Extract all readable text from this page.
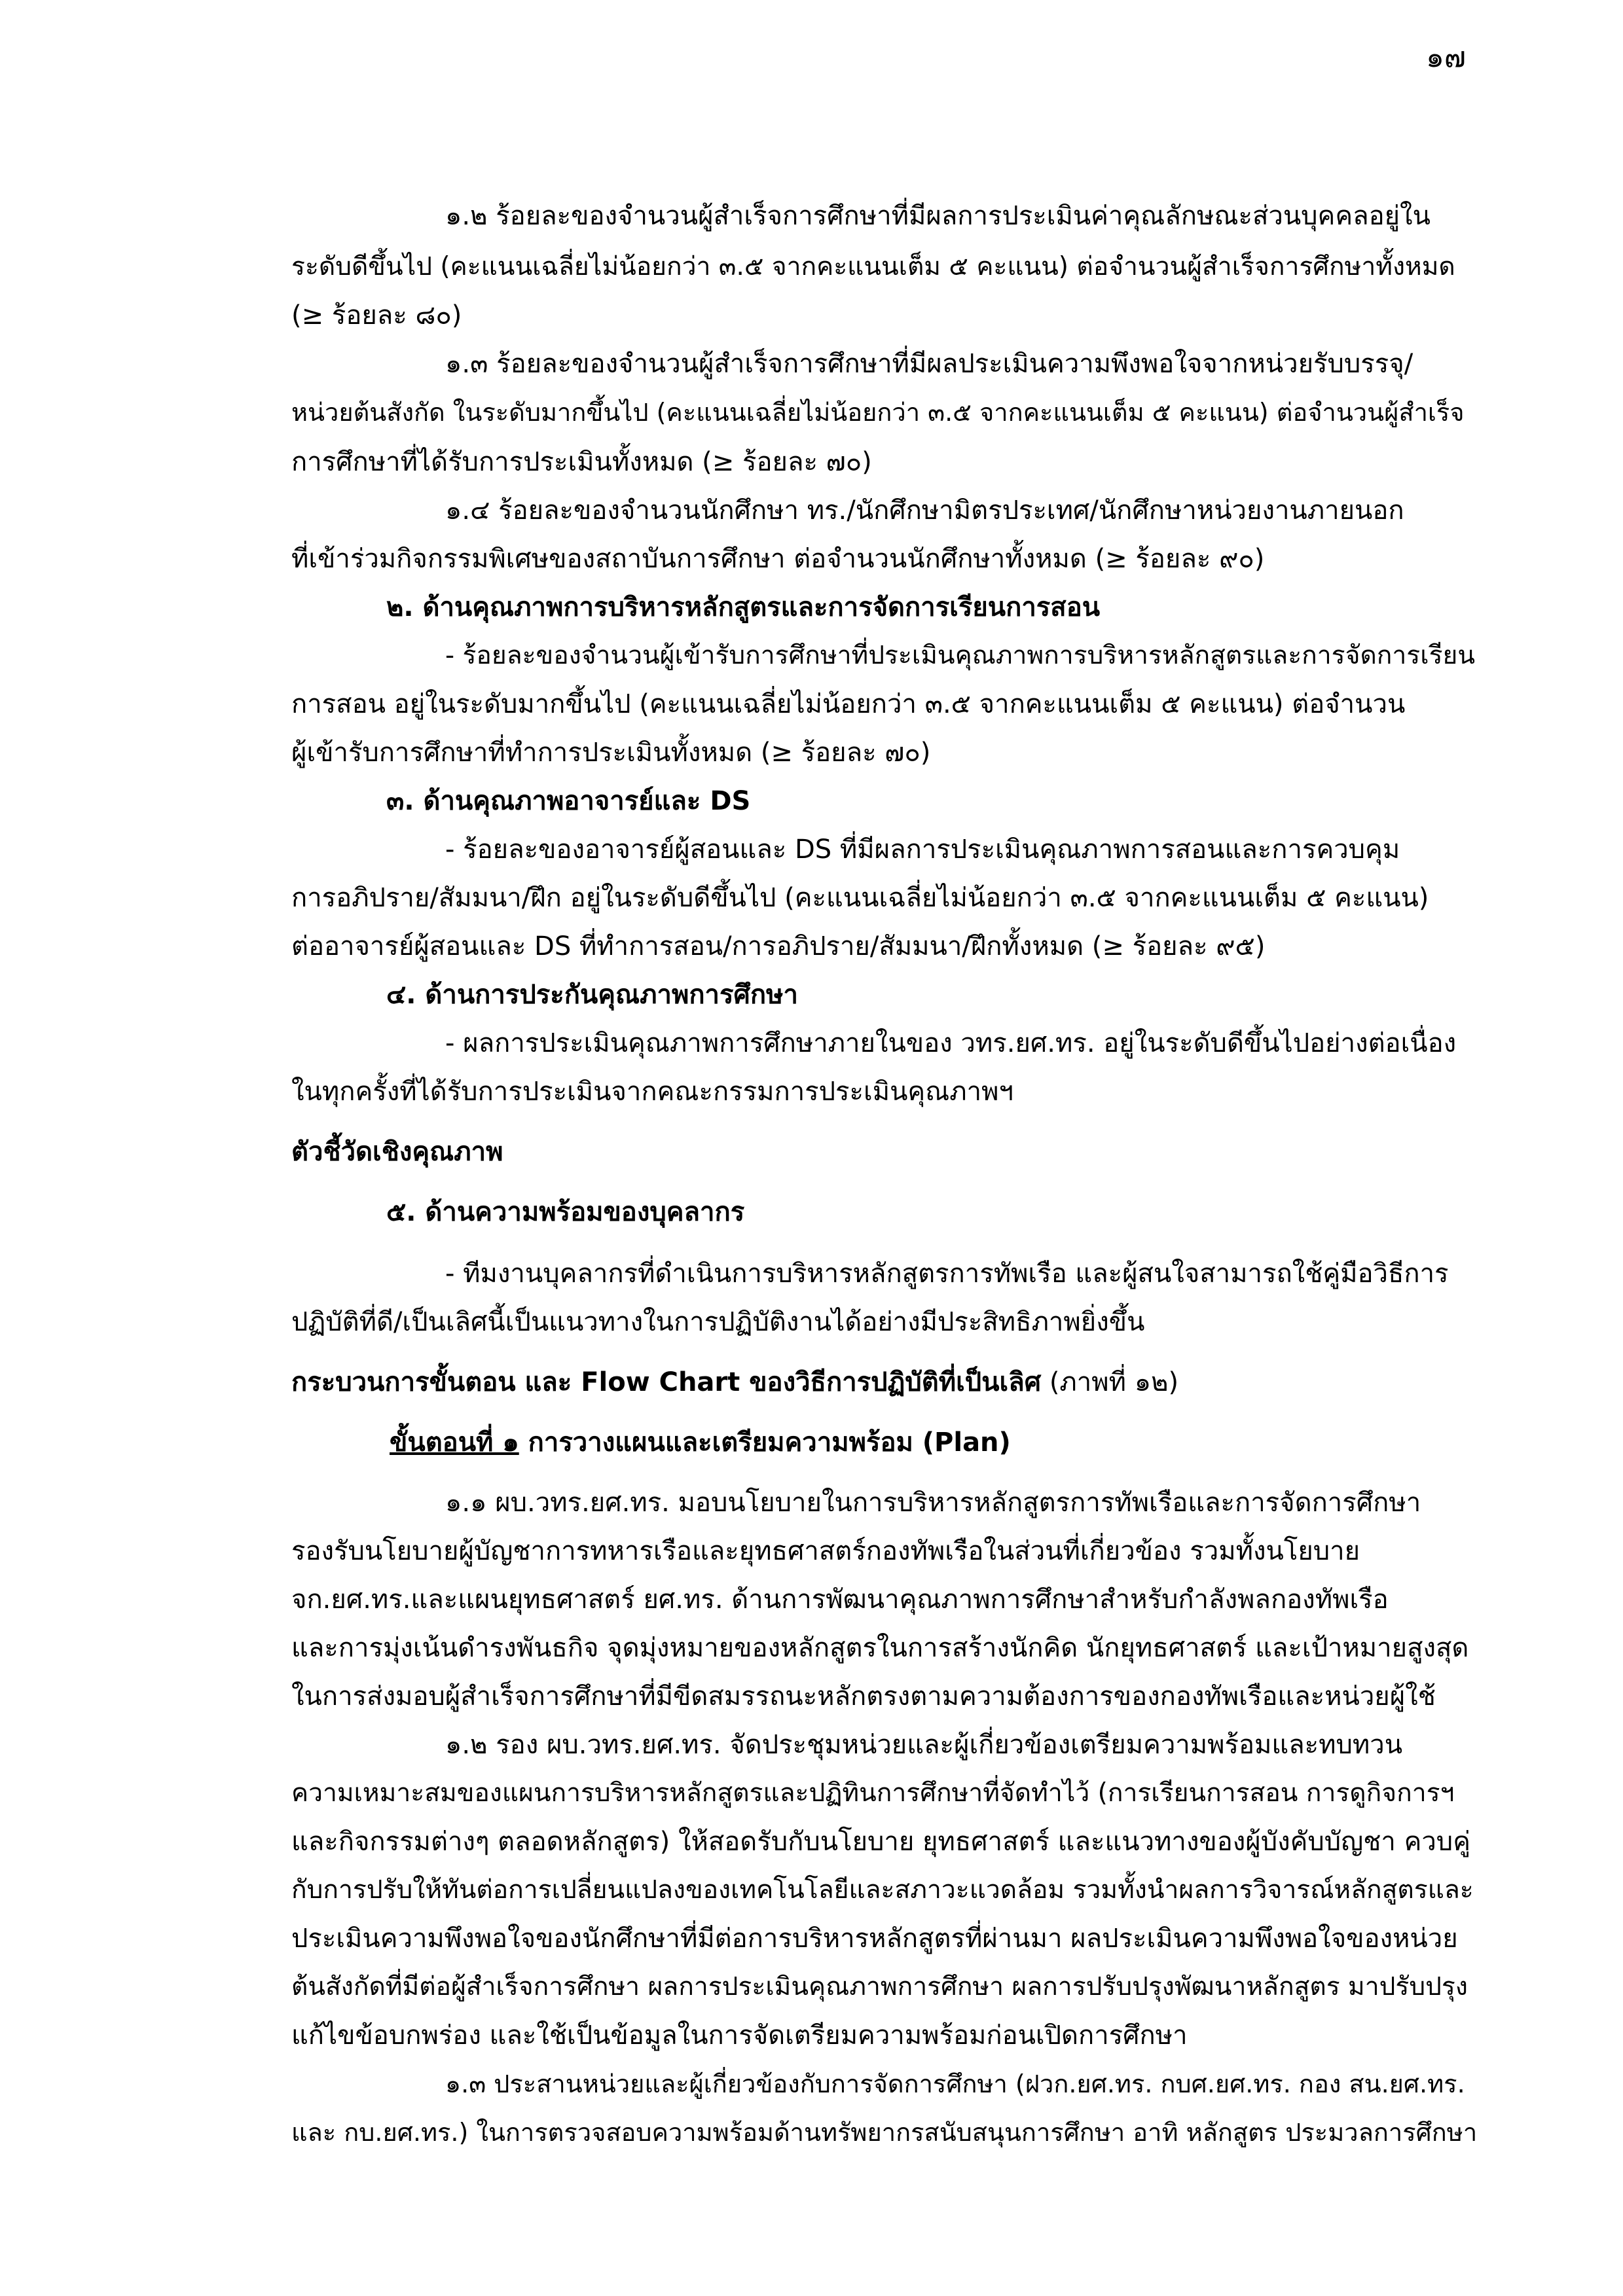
๑๗
๑.๒ ร้อยละของจำนวนผู้สำเร็จการศึกษาที่มีผลการประเมินค่าคุณลักษณะส่วนบุคคลอยู่ใน
ระดับดีขึ้นไป (คะแนนเฉลี่ยไม่น้อยกว่า ๓.๕ จากคะแนนเต็ม ๕ คะแนน) ต่อจำนวนผู้สำเร็จการศึกษาทั้งหมด
(≥ ร้อยละ ๘๐)
๑.๓ ร้อยละของจำนวนผู้สำเร็จการศึกษาที่มีผลประเมินความพึงพอใจจากหน่วยรับบรรจุ/
หน่วยต้นสังกัด ในระดับมากขึ้นไป (คะแนนเฉลี่ยไม่น้อยกว่า ๓.๕ จากคะแนนเต็ม ๕ คะแนน) ต่อจำนวนผู้สำเร็จ
การศึกษาที่ได้รับการประเมินทั้งหมด (≥ ร้อยละ ๗๐)
๑.๔ ร้อยละของจำนวนนักศึกษา ทร./นักศึกษามิตรประเทศ/นักศึกษาหน่วยงานภายนอก
ที่เข้าร่วมกิจกรรมพิเศษของสถาบันการศึกษา ต่อจำนวนนักศึกษาทั้งหมด (≥ ร้อยละ ๙๐)
๒. ด้านคุณภาพการบริหารหลักสูตรและการจัดการเรียนการสอน
- ร้อยละของจำนวนผู้เข้ารับการศึกษาที่ประเมินคุณภาพการบริหารหลักสูตรและการจัดการเรียน
การสอน อยู่ในระดับมากขึ้นไป (คะแนนเฉลี่ยไม่น้อยกว่า ๓.๕ จากคะแนนเต็ม ๕ คะแนน) ต่อจำนวน
ผู้เข้ารับการศึกษาที่ทำการประเมินทั้งหมด (≥ ร้อยละ ๗๐)
๓. ด้านคุณภาพอาจารย์และ DS
- ร้อยละของอาจารย์ผู้สอนและ DS ที่มีผลการประเมินคุณภาพการสอนและการควบคุม
การอภิปราย/สัมมนา/ฝึก อยู่ในระดับดีขึ้นไป (คะแนนเฉลี่ยไม่น้อยกว่า ๓.๕ จากคะแนนเต็ม ๕ คะแนน)
ต่ออาจารย์ผู้สอนและ DS ที่ทำการสอน/การอภิปราย/สัมมนา/ฝึกทั้งหมด (≥ ร้อยละ ๙๕)
๔. ด้านการประกันคุณภาพการศึกษา
- ผลการประเมินคุณภาพการศึกษาภายในของ วทร.ยศ.ทร. อยู่ในระดับดีขึ้นไปอย่างต่อเนื่อง
ในทุกครั้งที่ได้รับการประเมินจากคณะกรรมการประเมินคุณภาพฯ
ตัวชี้วัดเชิงคุณภาพ
๕. ด้านความพร้อมของบุคลากร
- ทีมงานบุคลากรที่ดำเนินการบริหารหลักสูตรการทัพเรือ และผู้สนใจสามารถใช้คู่มือวิธีการ
ปฏิบัติที่ดี/เป็นเลิศนี้เป็นแนวทางในการปฏิบัติงานได้อย่างมีประสิทธิภาพยิ่งขึ้น
กระบวนการขั้นตอน และ Flow Chart ของวิธีการปฏิบัติที่เป็นเลิศ (ภาพที่ ๑๒)
ขั้นตอนที่ ๑ การวางแผนและเตรียมความพร้อม (Plan)
๑.๑ ผบ.วทร.ยศ.ทร. มอบนโยบายในการบริหารหลักสูตรการทัพเรือและการจัดการศึกษา
รองรับนโยบายผู้บัญชาการทหารเรือและยุทธศาสตร์กองทัพเรือในส่วนที่เกี่ยวข้อง รวมทั้งนโยบาย
จก.ยศ.ทร.และแผนยุทธศาสตร์ ยศ.ทร. ด้านการพัฒนาคุณภาพการศึกษาสำหรับกำลังพลกองทัพเรือ
และการมุ่งเน้นดำรงพันธกิจ จุดมุ่งหมายของหลักสูตรในการสร้างนักคิด นักยุทธศาสตร์ และเป้าหมายสูงสุด
ในการส่งมอบผู้สำเร็จการศึกษาที่มีขีดสมรรถนะหลักตรงตามความต้องการของกองทัพเรือและหน่วยผู้ใช้
๑.๒ รอง ผบ.วทร.ยศ.ทร. จัดประชุมหน่วยและผู้เกี่ยวข้องเตรียมความพร้อมและทบทวน
ความเหมาะสมของแผนการบริหารหลักสูตรและปฏิทินการศึกษาที่จัดทำไว้ (การเรียนการสอน การดูกิจการฯ
และกิจกรรมต่างๆ ตลอดหลักสูตร) ให้สอดรับกับนโยบาย ยุทธศาสตร์ และแนวทางของผู้บังคับบัญชา ควบคู่
กับการปรับให้ทันต่อการเปลี่ยนแปลงของเทคโนโลยีและสภาวะแวดล้อม รวมทั้งนำผลการวิจารณ์หลักสูตรและ
ประเมินความพึงพอใจของนักศึกษาที่มีต่อการบริหารหลักสูตรที่ผ่านมา ผลประเมินความพึงพอใจของหน่วย
ต้นสังกัดที่มีต่อผู้สำเร็จการศึกษา ผลการประเมินคุณภาพการศึกษา ผลการปรับปรุงพัฒนาหลักสูตร มาปรับปรุง
แก้ไขข้อบกพร่อง และใช้เป็นข้อมูลในการจัดเตรียมความพร้อมก่อนเปิดการศึกษา
๑.๓ ประสานหน่วยและผู้เกี่ยวข้องกับการจัดการศึกษา (ฝวก.ยศ.ทร. กบศ.ยศ.ทร. กอง สน.ยศ.ทร.
และ กบ.ยศ.ทร.) ในการตรวจสอบความพร้อมด้านทรัพยากรสนับสนุนการศึกษา อาทิ หลักสูตร ประมวลการศึกษา
